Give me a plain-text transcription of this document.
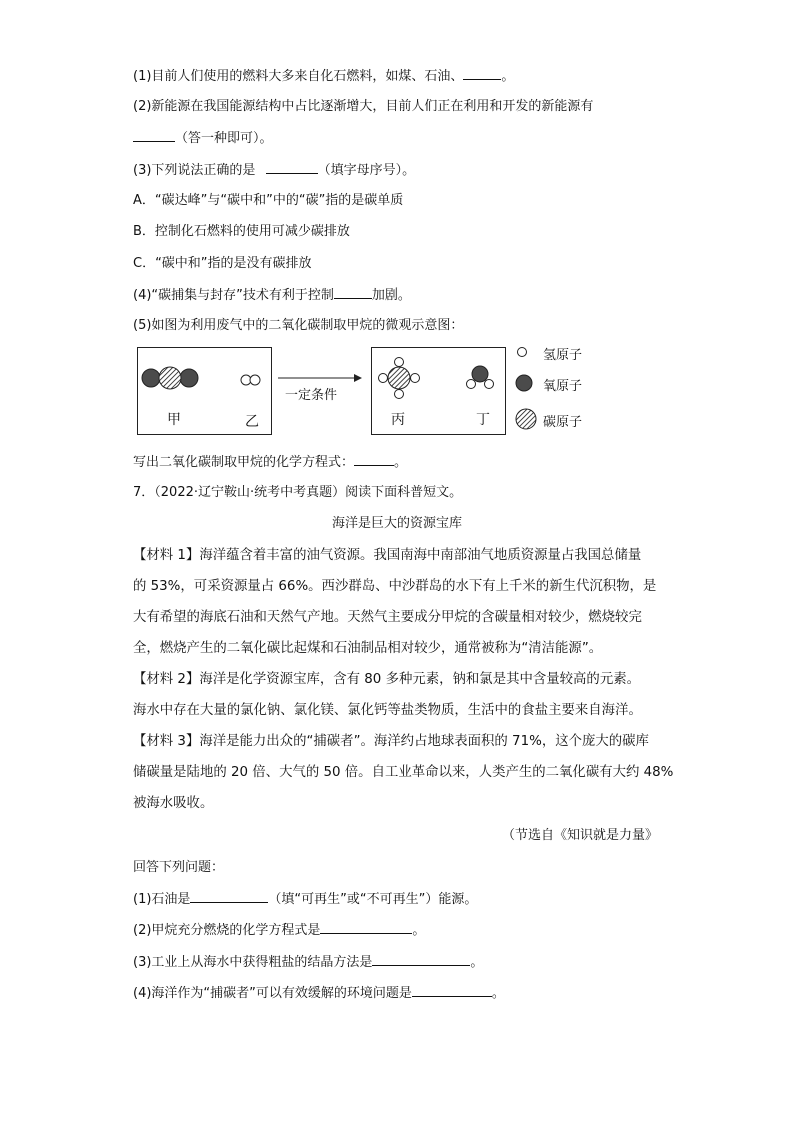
(1)目前人们使用的燃料大多来自化石燃料，如煤、石油、	。
(2)新能源在我国能源结构中占比逐渐增大，目前人们正在利用和开发的新能源有
（答一种即可）。
(3)下列说法正确的是	（填字母序号）。
A．“碳达峰”与“碳中和”中的“碳”指的是碳单质
B．控制化石燃料的使用可减少碳排放
C．“碳中和”指的是没有碳排放
(4)“碳捕集与封存”技术有利于控制	加剧。
(5)如图为利用废气中的二氧化碳制取甲烷的微观示意图：
甲	乙
一定条件
丙	丁
氢原子
氧原子
碳原子
写出二氧化碳制取甲烷的化学方程式：	。
7．（2022·辽宁鞍山·统考中考真题）阅读下面科普短文。
海洋是巨大的资源宝库
【材料 1】海洋蕴含着丰富的油气资源。我国南海中南部油气地质资源量占我国总储量
的 53%，可采资源量占 66%。西沙群岛、中沙群岛的水下有上千米的新生代沉积物，是
大有希望的海底石油和天然气产地。天然气主要成分甲烷的含碳量相对较少，燃烧较完
全，燃烧产生的二氧化碳比起煤和石油制品相对较少，通常被称为“清洁能源”。
【材料 2】海洋是化学资源宝库，含有 80 多种元素，钠和氯是其中含量较高的元素。
海水中存在大量的氯化钠、氯化镁、氯化钙等盐类物质，生活中的食盐主要来自海洋。
【材料 3】海洋是能力出众的“捕碳者”。海洋约占地球表面积的 71%，这个庞大的碳库
储碳量是陆地的 20 倍、大气的 50 倍。自工业革命以来，人类产生的二氧化碳有大约 48%
被海水吸收。
（节选自《知识就是力量》
回答下列问题：
(1)石油是	（填“可再生”或“不可再生”）能源。
(2)甲烷充分燃烧的化学方程式是	。
(3)工业上从海水中获得粗盐的结晶方法是	。
(4)海洋作为“捕碳者”可以有效缓解的环境问题是	。
